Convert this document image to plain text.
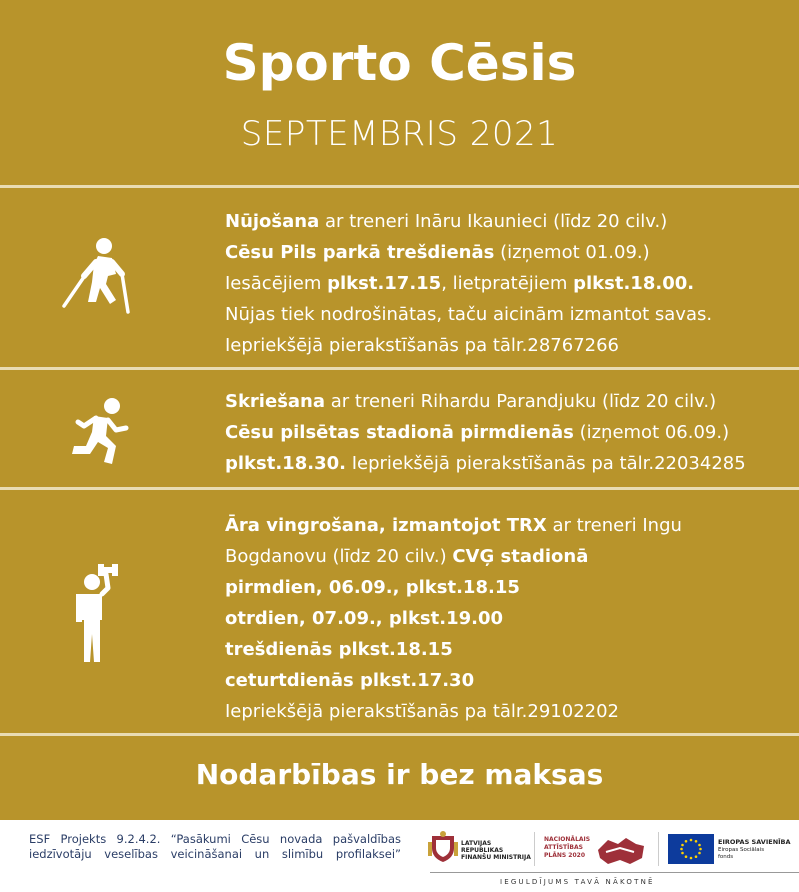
Sporto Cēsis
SEPTEMBRIS 2021
Nūjošana ar treneri Ināru Ikaunieci (līdz 20 cilv.)
Cēsu Pils parkā trešdienās (izņemot 01.09.)
Iesācējiem plkst.17.15, lietpratējiem plkst.18.00.
Nūjas tiek nodrošinātas, taču aicinām izmantot savas.
Iepriekšējā pierakstīšanās pa tālr.28767266
Skriešana ar treneri Rihardu Parandjuku (līdz 20 cilv.)
Cēsu pilsētas stadionā pirmdienās (izņemot 06.09.)
plkst.18.30. Iepriekšējā pierakstīšanās pa tālr.22034285
Āra vingrošana, izmantojot TRX ar treneri Ingu
Bogdanovu (līdz 20 cilv.) CVĢ stadionā
pirmdien, 06.09., plkst.18.15
otrdien, 07.09., plkst.19.00
trešdienās plkst.18.15
ceturtdienās plkst.17.30
Iepriekšējā pierakstīšanās pa tālr.29102202
Nodarbības ir bez maksas
ESF Projekts 9.2.4.2. “Pasākumi Cēsu novada pašvaldības
iedzīvotāju veselības veicināšanai un slimību profilaksei”
LATVIJAS REPUBLIKAS
FINANŠU MINISTRIJA
NACIONĀLAIS
ATTĪSTĪBAS
PLĀNS 2020
EIROPAS SAVIENĪBA
Eiropas Sociālais
fonds
IEGULDĪJUMS TAVĀ NĀKOTNĒ
